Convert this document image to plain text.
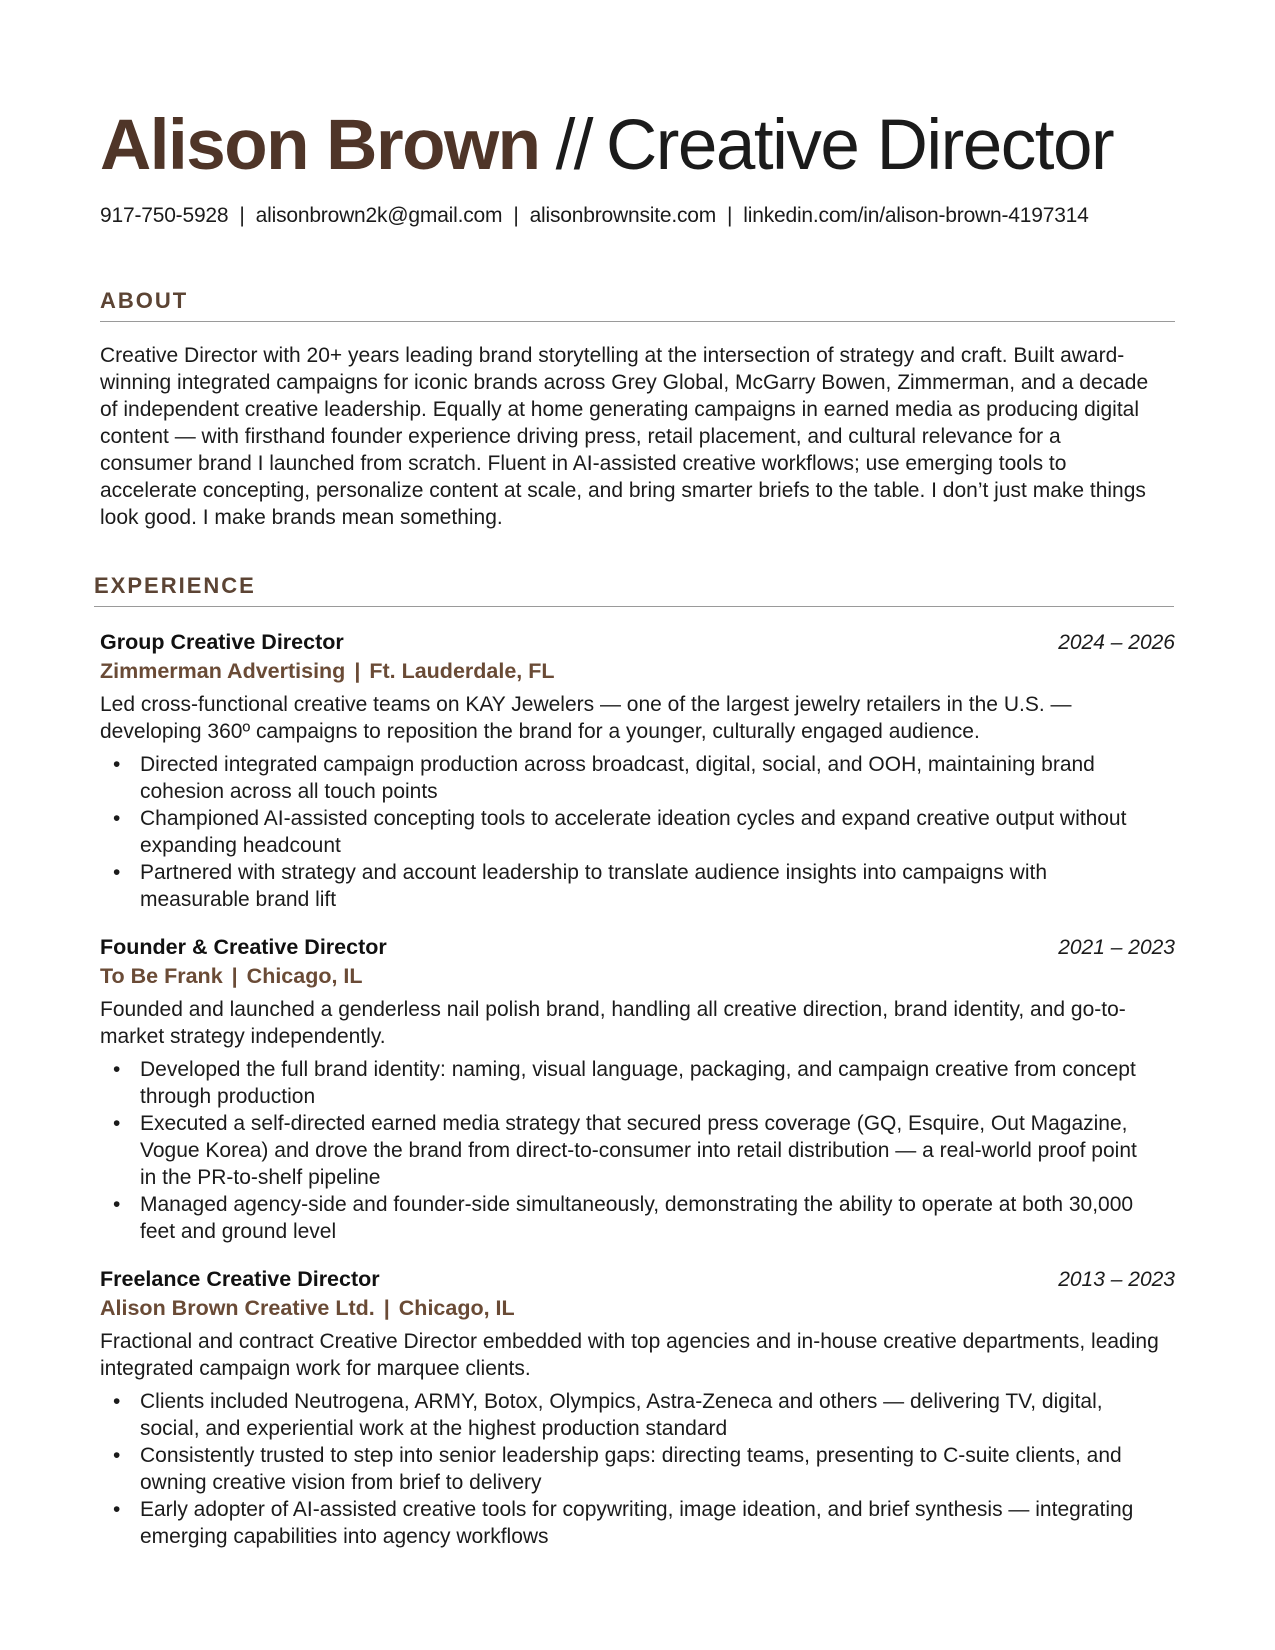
Alison Brown // Creative Director
917-750-5928 | alisonbrown2k@gmail.com | alisonbrownsite.com | linkedin.com/in/alison-brown-4197314
ABOUT
Creative Director with 20+ years leading brand storytelling at the intersection of strategy and craft. Built award-winning integrated campaigns for iconic brands across Grey Global, McGarry Bowen, Zimmerman, and a decade of independent creative leadership. Equally at home generating campaigns in earned media as producing digital content — with firsthand founder experience driving press, retail placement, and cultural relevance for a consumer brand I launched from scratch. Fluent in AI-assisted creative workflows; use emerging tools to accelerate concepting, personalize content at scale, and bring smarter briefs to the table. I don’t just make things look good. I make brands mean something.
EXPERIENCE
Group Creative Director	2024 – 2026
Zimmerman Advertising | Ft. Lauderdale, FL
Led cross-functional creative teams on KAY Jewelers — one of the largest jewelry retailers in the U.S. — developing 360º campaigns to reposition the brand for a younger, culturally engaged audience.
• Directed integrated campaign production across broadcast, digital, social, and OOH, maintaining brand cohesion across all touch points
• Championed AI-assisted concepting tools to accelerate ideation cycles and expand creative output without expanding headcount
• Partnered with strategy and account leadership to translate audience insights into campaigns with measurable brand lift
Founder & Creative Director	2021 – 2023
To Be Frank | Chicago, IL
Founded and launched a genderless nail polish brand, handling all creative direction, brand identity, and go-to-market strategy independently.
• Developed the full brand identity: naming, visual language, packaging, and campaign creative from concept through production
• Executed a self-directed earned media strategy that secured press coverage (GQ, Esquire, Out Magazine, Vogue Korea) and drove the brand from direct-to-consumer into retail distribution — a real-world proof point in the PR-to-shelf pipeline
• Managed agency-side and founder-side simultaneously, demonstrating the ability to operate at both 30,000 feet and ground level
Freelance Creative Director	2013 – 2023
Alison Brown Creative Ltd. | Chicago, IL
Fractional and contract Creative Director embedded with top agencies and in-house creative departments, leading integrated campaign work for marquee clients.
• Clients included Neutrogena, ARMY, Botox, Olympics, Astra-Zeneca and others — delivering TV, digital, social, and experiential work at the highest production standard
• Consistently trusted to step into senior leadership gaps: directing teams, presenting to C-suite clients, and owning creative vision from brief to delivery
• Early adopter of AI-assisted creative tools for copywriting, image ideation, and brief synthesis — integrating emerging capabilities into agency workflows
